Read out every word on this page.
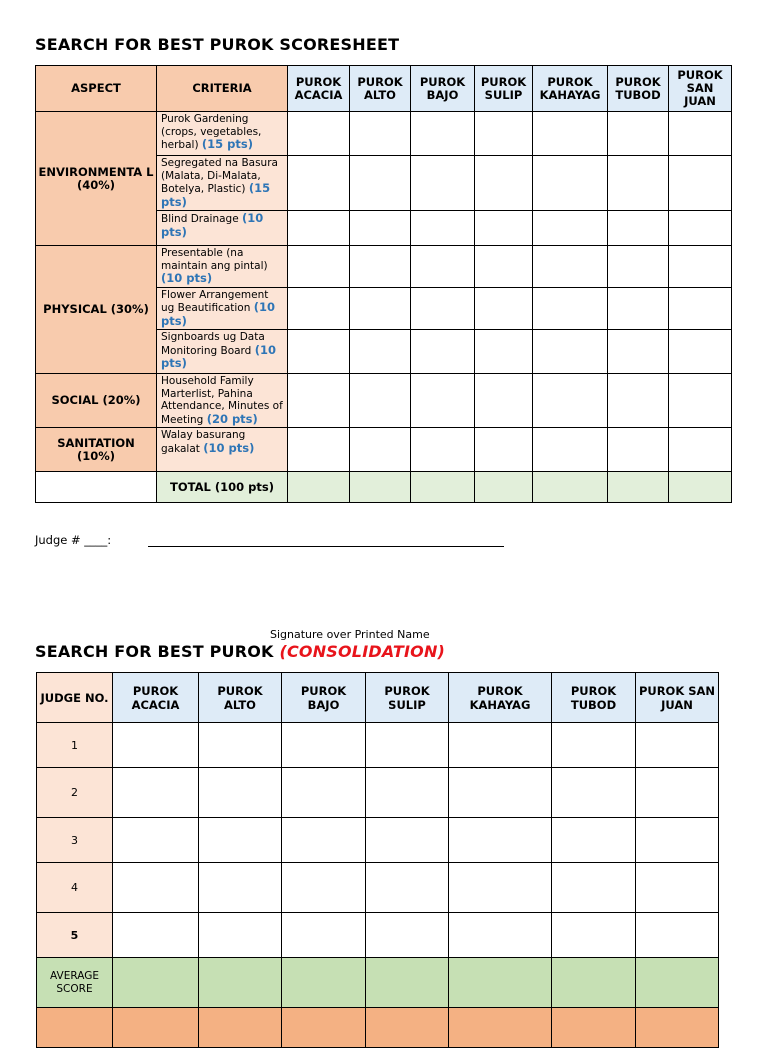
SEARCH FOR BEST PUROK SCORESHEET
ASPECT	CRITERIA	PUROK ACACIA	PUROK ALTO	PUROK BAJO	PUROK SULIP	PUROK KAHAYAG	PUROK TUBOD	PUROK SAN JUAN
ENVIRONMENTA L (40%)	Purok Gardening (crops, vegetables, herbal) (15 pts)							
	Segregated na Basura (Malata, Di-Malata, Botelya, Plastic) (15 pts)							
	Blind Drainage (10 pts)							
PHYSICAL (30%)	Presentable (na maintain ang pintal) (10 pts)							
	Flower Arrangement ug Beautification (10 pts)							
	Signboards ug Data Monitoring Board (10 pts)							
SOCIAL (20%)	Household Family Marterlist, Pahina Attendance, Minutes of Meeting (20 pts)							
SANITATION (10%)	Walay basurang gakalat (10 pts)							
	TOTAL (100 pts)							
Judge # ____:
Signature over Printed Name
SEARCH FOR BEST PUROK (CONSOLIDATION)
JUDGE NO.	PUROK ACACIA	PUROK ALTO	PUROK BAJO	PUROK SULIP	PUROK KAHAYAG	PUROK TUBOD	PUROK SAN JUAN
1							
2							
3							
4							
5							
AVERAGE SCORE							
